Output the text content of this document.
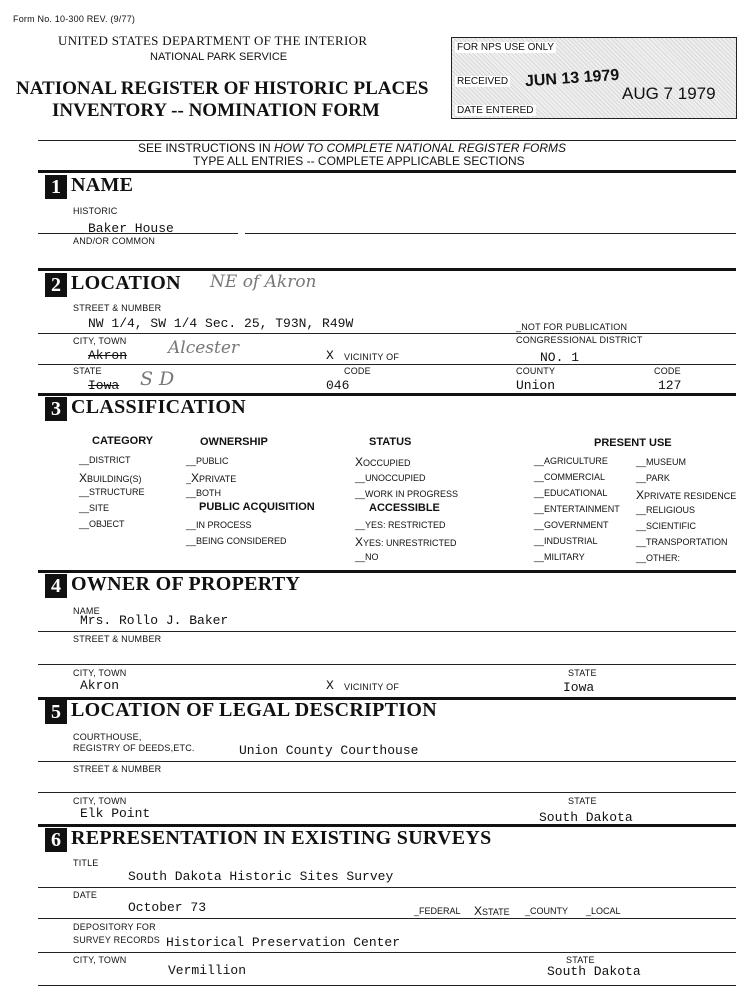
Form No. 10-300 REV. (9/77)
UNITED STATES DEPARTMENT OF THE INTERIOR
NATIONAL PARK SERVICE
NATIONAL REGISTER OF HISTORIC PLACES
INVENTORY -- NOMINATION FORM
FOR NPS USE ONLY
RECEIVED JUN 13 1979
AUG 7 1979
DATE ENTERED
SEE INSTRUCTIONS IN HOW TO COMPLETE NATIONAL REGISTER FORMS
TYPE ALL ENTRIES -- COMPLETE APPLICABLE SECTIONS
1 NAME
HISTORIC
Baker House
AND/OR COMMON
2 LOCATION NE of Akron
STREET & NUMBER
NW 1/4, SW 1/4 Sec. 25, T93N, R49W	_NOT FOR PUBLICATION
CITY, TOWN	CONGRESSIONAL DISTRICT
Akron Alcester	X VICINITY OF	NO. 1
STATE	CODE	COUNTY	CODE
Iowa S D	046	Union	127
3 CLASSIFICATION
CATEGORY	OWNERSHIP	STATUS	PRESENT USE
__DISTRICT
XBUILDING(S)
__STRUCTURE
__SITE
__OBJECT
__PUBLIC
_XPRIVATE
__BOTH
PUBLIC ACQUISITION
__IN PROCESS
__BEING CONSIDERED
XOCCUPIED
__UNOCCUPIED
__WORK IN PROGRESS
ACCESSIBLE
__YES: RESTRICTED
XYES: UNRESTRICTED
__NO
__AGRICULTURE
__COMMERCIAL
__EDUCATIONAL
__ENTERTAINMENT
__GOVERNMENT
__INDUSTRIAL
__MILITARY
__MUSEUM
__PARK
XPRIVATE RESIDENCE
__RELIGIOUS
__SCIENTIFIC
__TRANSPORTATION
__OTHER:
4 OWNER OF PROPERTY
NAME
Mrs. Rollo J. Baker
STREET & NUMBER
CITY, TOWN	STATE
Akron	X VICINITY OF	Iowa
5 LOCATION OF LEGAL DESCRIPTION
COURTHOUSE,
REGISTRY OF DEEDS,ETC.	Union County Courthouse
STREET & NUMBER
CITY, TOWN	STATE
Elk Point	South Dakota
6 REPRESENTATION IN EXISTING SURVEYS
TITLE
South Dakota Historic Sites Survey
DATE
October 73	_FEDERAL XSTATE _COUNTY _LOCAL
DEPOSITORY FOR
SURVEY RECORDS Historical Preservation Center
CITY, TOWN	STATE
Vermillion	South Dakota
